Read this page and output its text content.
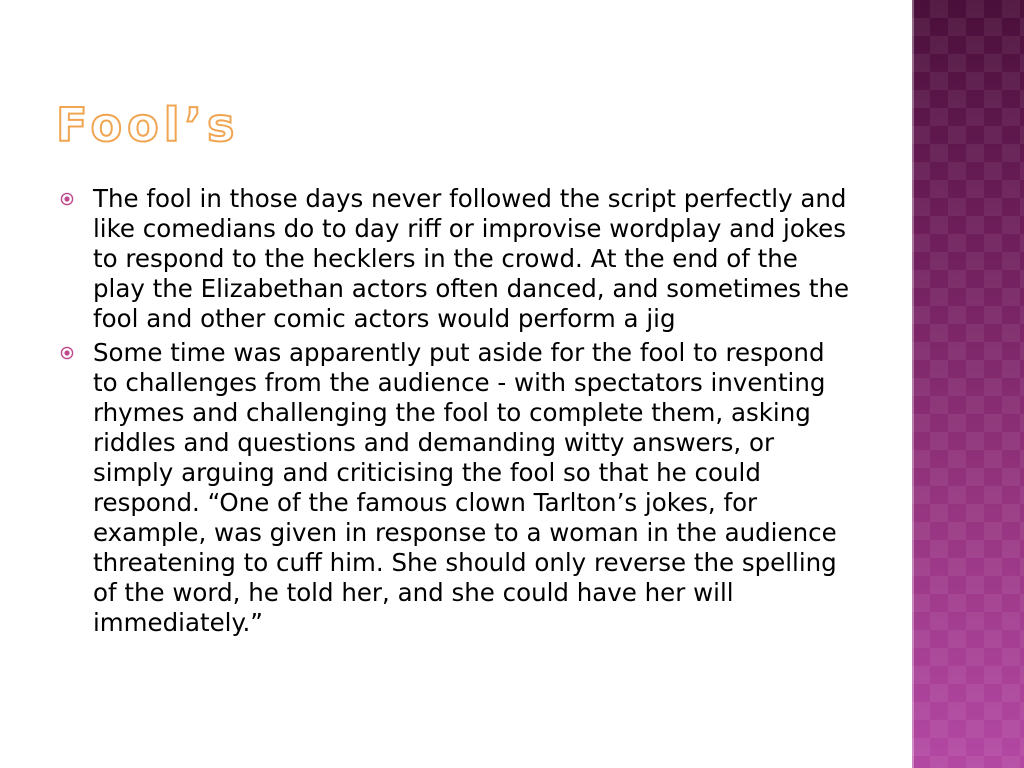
Fool’s
The fool in those days never followed the script perfectly and like comedians do to day riff or improvise wordplay and jokes to respond to the hecklers in the crowd. At the end of the play the Elizabethan actors often danced, and sometimes the fool and other comic actors would perform a jig
Some time was apparently put aside for the fool to respond to challenges from the audience - with spectators inventing rhymes and challenging the fool to complete them, asking riddles and questions and demanding witty answers, or simply arguing and criticising the fool so that he could respond. “One of the famous clown Tarlton’s jokes, for example, was given in response to a woman in the audience threatening to cuff him. She should only reverse the spelling of the word, he told her, and she could have her will immediately.”
